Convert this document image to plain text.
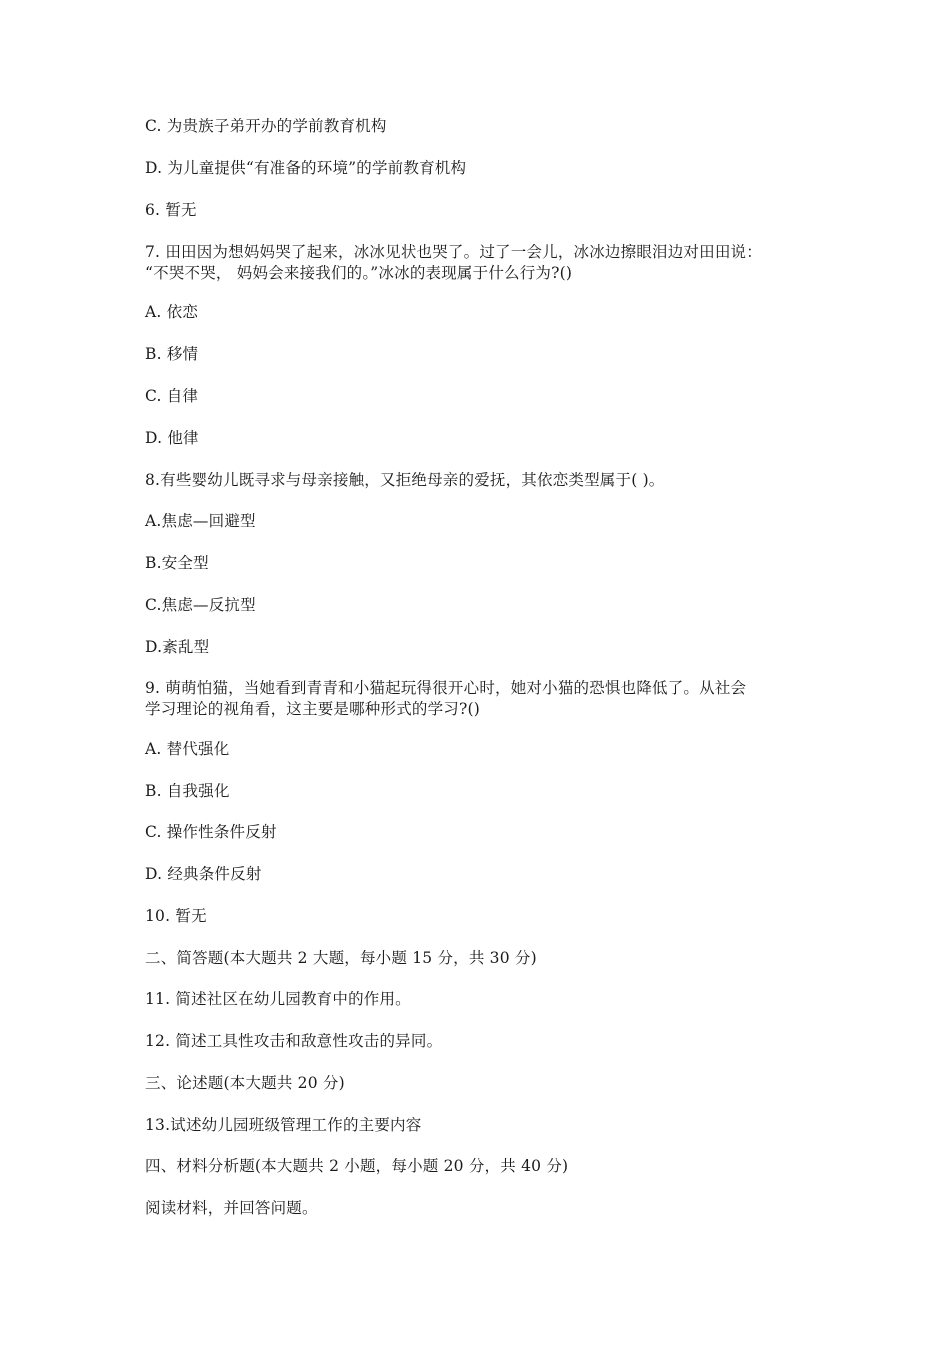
C. 为贵族子弟开办的学前教育机构
D. 为儿童提供“有准备的环境”的学前教育机构
6. 暂无
7. 田田因为想妈妈哭了起来，冰冰见状也哭了。过了一会儿，冰冰边擦眼泪边对田田说：
“不哭不哭， 妈妈会来接我们的。”冰冰的表现属于什么行为?()
A. 依恋
B. 移情
C. 自律
D. 他律
8.有些婴幼儿既寻求与母亲接触，又拒绝母亲的爱抚，其依恋类型属于( )。
A.焦虑—回避型
B.安全型
C.焦虑—反抗型
D.紊乱型
9. 萌萌怕猫，当她看到青青和小猫起玩得很开心时，她对小猫的恐惧也降低了。从社会
学习理论的视角看，这主要是哪种形式的学习?()
A. 替代强化
B. 自我强化
C. 操作性条件反射
D. 经典条件反射
10. 暂无
二、简答题(本大题共 2 大题，每小题 15 分，共 30 分)
11. 简述社区在幼儿园教育中的作用。
12. 简述工具性攻击和敌意性攻击的异同。
三、论述题(本大题共 20 分)
13.试述幼儿园班级管理工作的主要内容
四、材料分析题(本大题共 2 小题，每小题 20 分，共 40 分)
阅读材料，并回答问题。
